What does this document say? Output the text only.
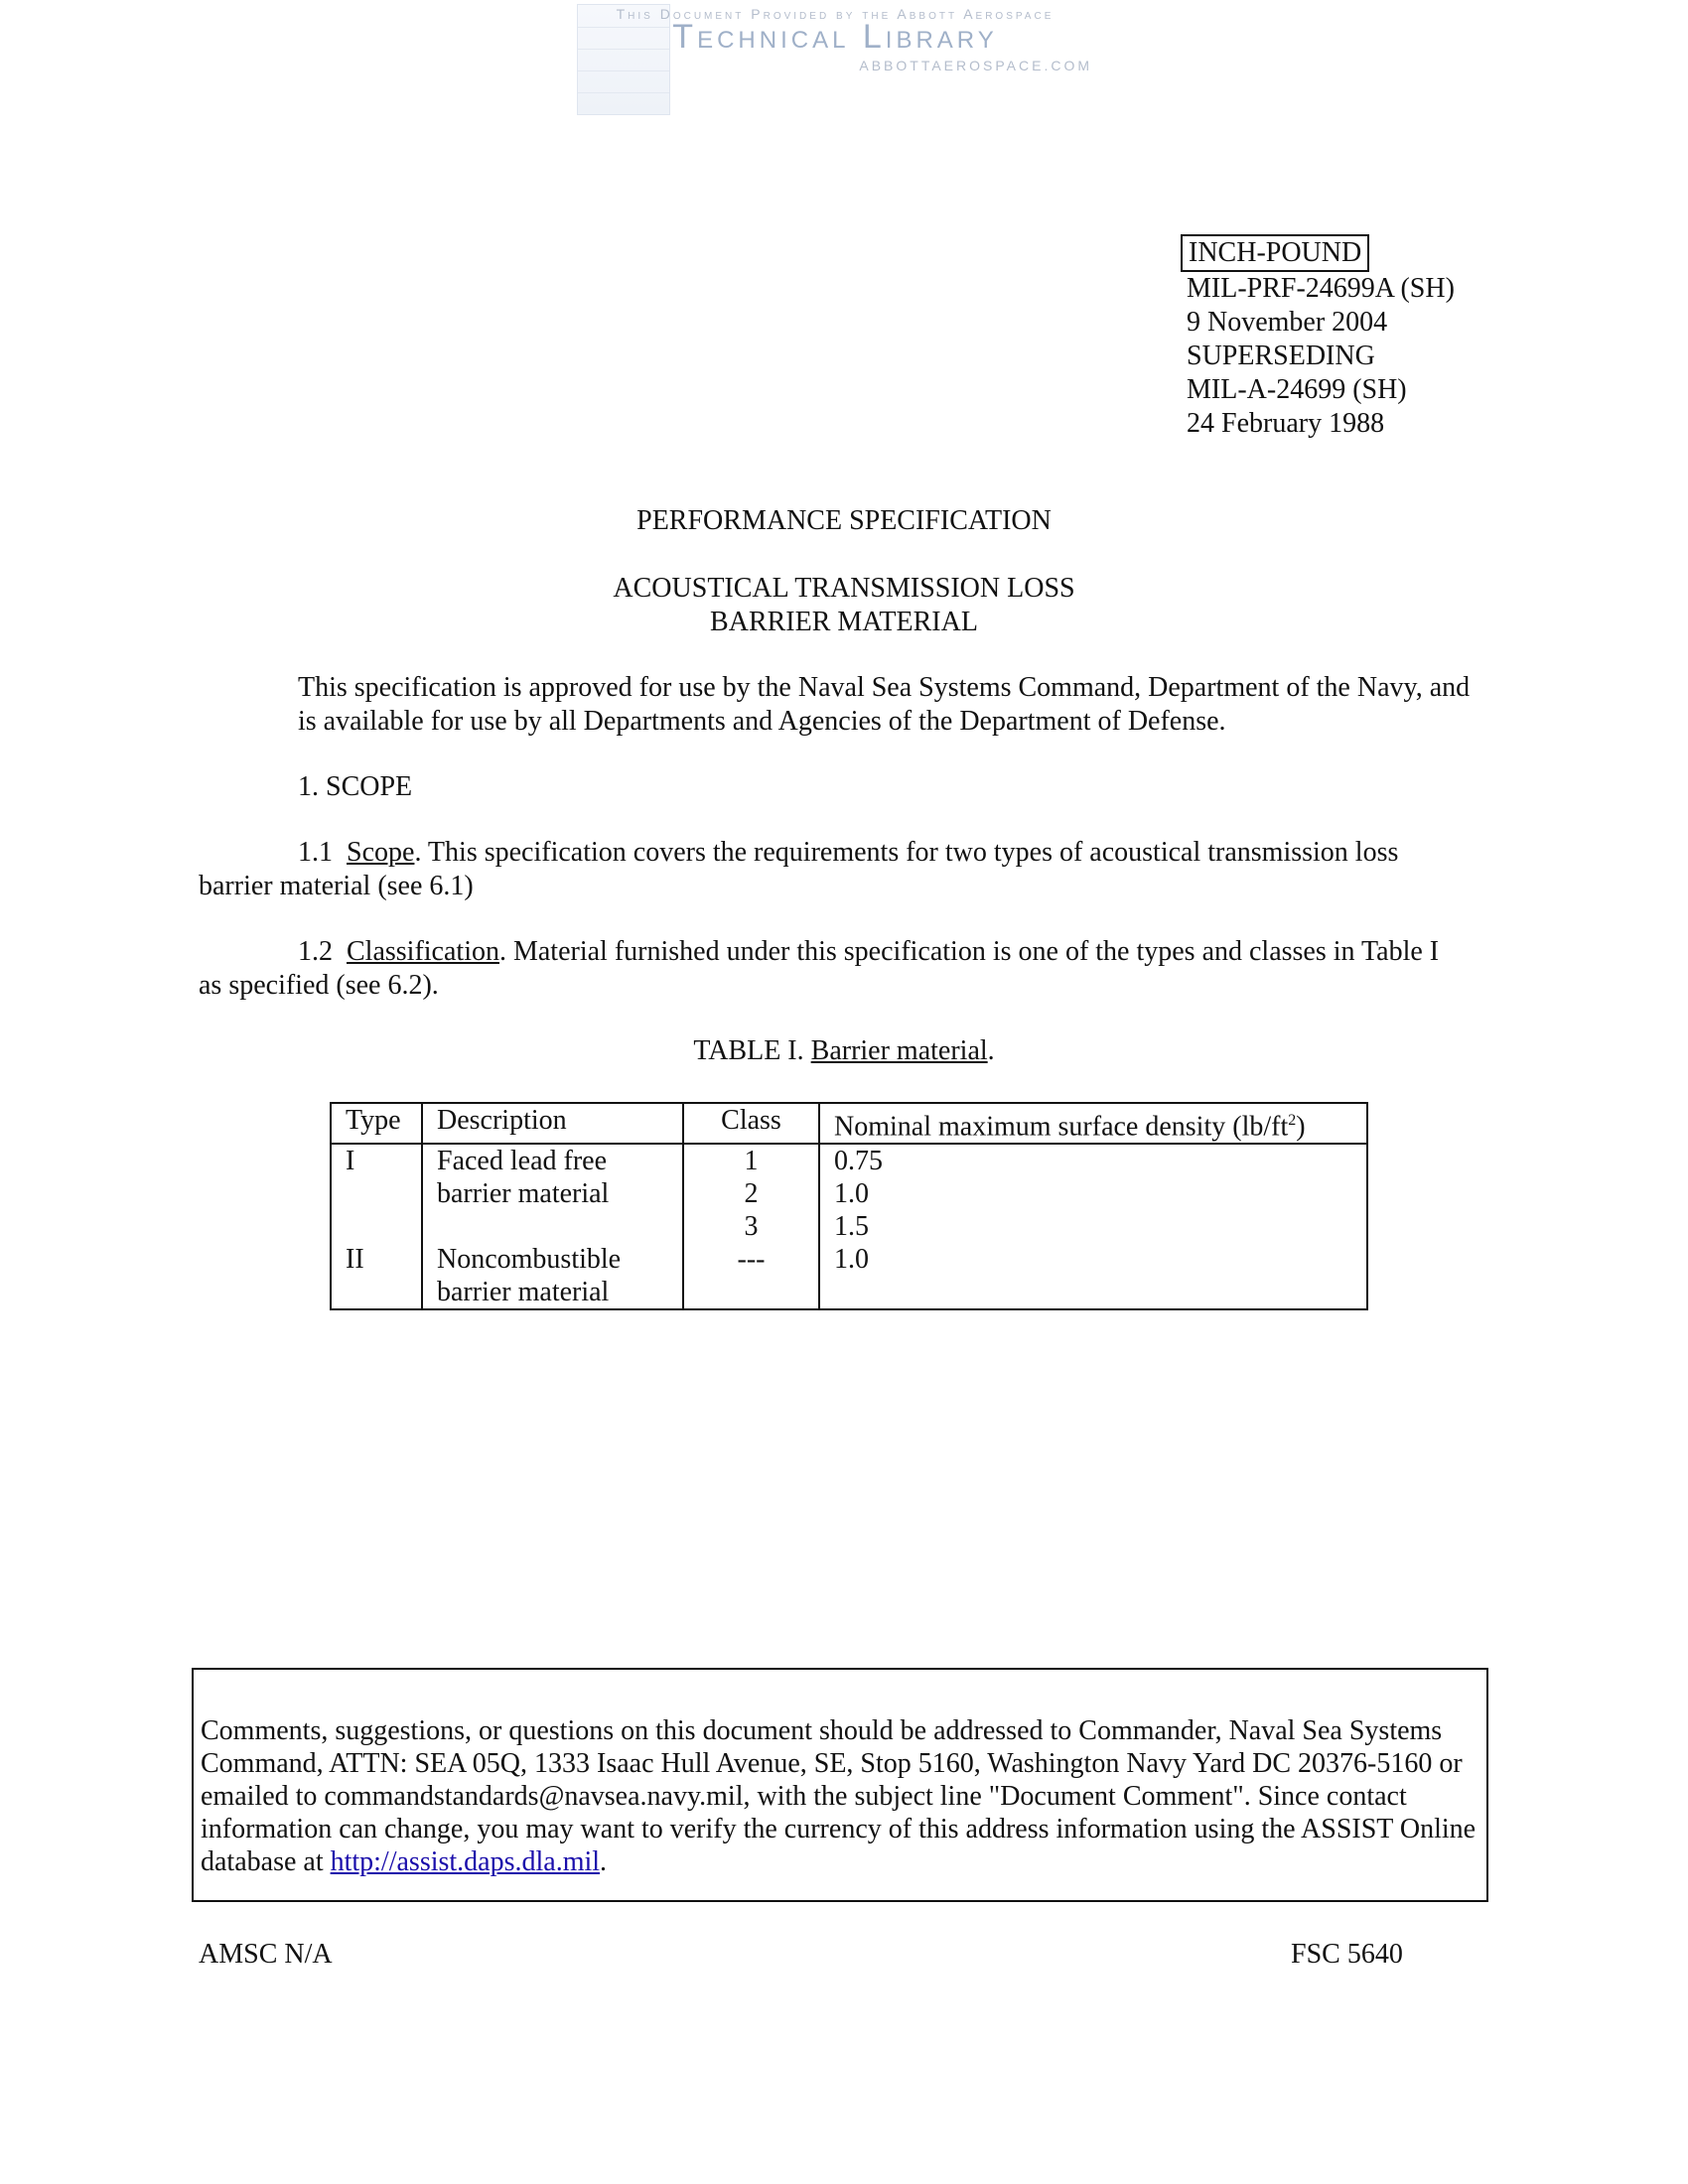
This Document Provided by the Abbott Aerospace
Technical Library
ABBOTTAEROSPACE.COM
INCH-POUND
MIL-PRF-24699A (SH)
9 November 2004
SUPERSEDING
MIL-A-24699 (SH)
24 February 1988
PERFORMANCE SPECIFICATION
ACOUSTICAL TRANSMISSION LOSS
BARRIER MATERIAL
This specification is approved for use by the Naval Sea Systems Command, Department of the Navy, and
is available for use by all Departments and Agencies of the Department of Defense.
1. SCOPE
1.1 Scope. This specification covers the requirements for two types of acoustical transmission loss
barrier material (see 6.1)
1.2 Classification. Material furnished under this specification is one of the types and classes in Table I
as specified (see 6.2).
TABLE I. Barrier material.
Type	Description	Class	Nominal maximum surface density $(lb/ft^2)$
I	Faced lead free	1	0.75
	barrier material	2	1.0
		3	1.5
II	Noncombustible	---	1.0
	barrier material		
Comments, suggestions, or questions on this document should be addressed to Commander, Naval Sea Systems
Command, ATTN: SEA 05Q, 1333 Isaac Hull Avenue, SE, Stop 5160, Washington Navy Yard DC 20376-5160 or
emailed to commandstandards@navsea.navy.mil, with the subject line "Document Comment". Since contact
information can change, you may want to verify the currency of this address information using the ASSIST Online
database at http://assist.daps.dla.mil.
AMSC N/A	FSC 5640
